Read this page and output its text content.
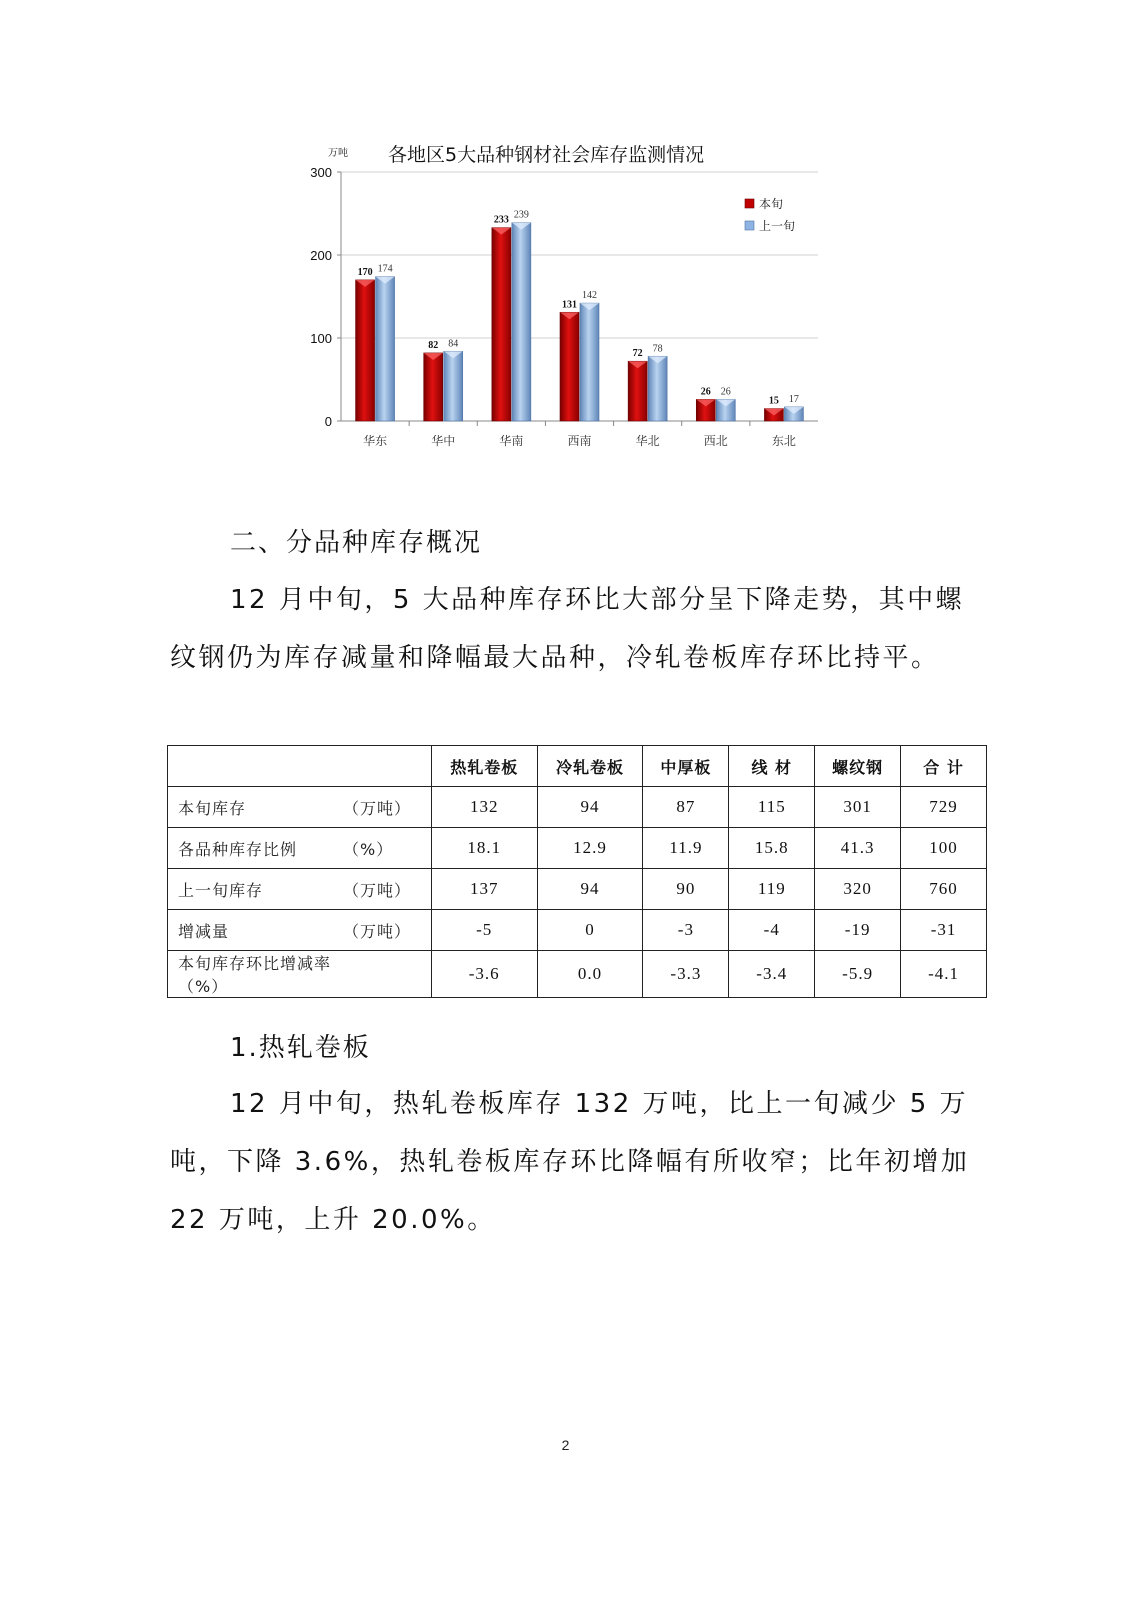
万吨 各地区5大品种钢材社会库存监测情况
0
100
200
300
华东	华中	华南	西南	华北	西北	东北
170 174
82 84
233 239
131
142
72 78
26 26
15 17
本旬
上一旬
二、分品种库存概况

12 月中旬，5 大品种库存环比大部分呈下降走势，其中螺纹钢仍为库存减量和降幅最大品种，冷轧卷板库存环比持平。

	热轧卷板	冷轧卷板	中厚板	线 材	螺纹钢	合 计
本旬库存 （万吨）	132	94	87	115	301	729
各品种库存比例 （%）	18.1	12.9	11.9	15.8	41.3	100
上一旬库存 （万吨）	137	94	90	119	320	760
增减量 （万吨）	-5	0	-3	-4	-19	-31
本旬库存环比增减率（%）	-3.6	0.0	-3.3	-3.4	-5.9	-4.1
1.热轧卷板

12 月中旬，热轧卷板库存 132 万吨，比上一旬减少 5 万吨，下降 3.6%，热轧卷板库存环比降幅有所收窄；比年初增加 22 万吨，上升 20.0%。

2
